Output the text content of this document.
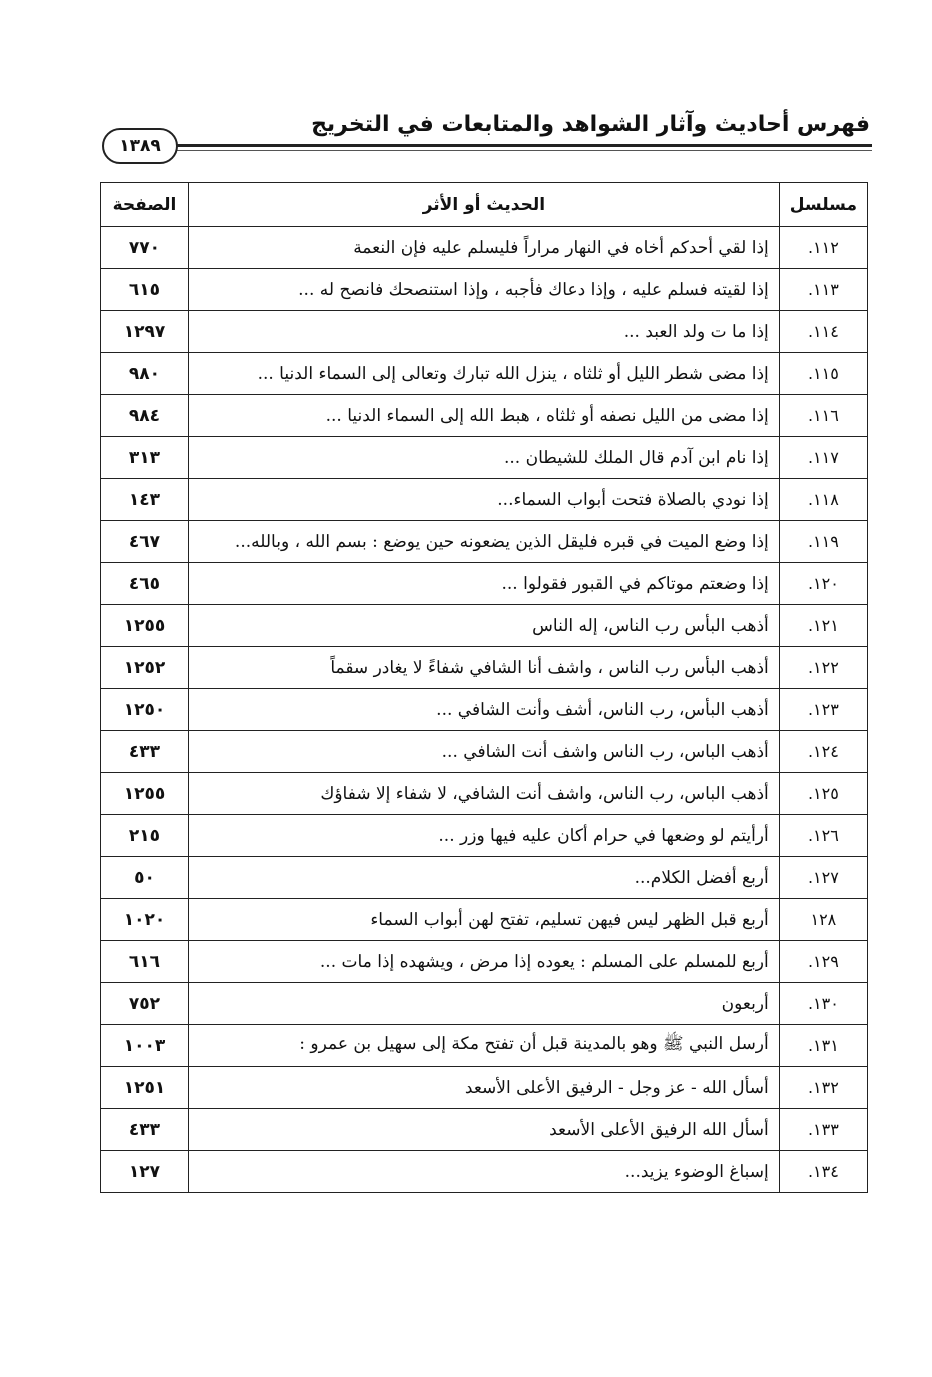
فهرس أحاديث وآثار الشواهد والمتابعات في التخريج
١٣٨٩
مسلسل	الحديث أو الأثر	الصفحة
١١٢.	إذا لقي أحدكم أخاه في النهار مراراً فليسلم عليه فإن النعمة	٧٧٠
١١٣.	إذا لقيته فسلم عليه ، وإذا دعاك فأجبه ، وإذا استنصحك فانصح له ...	٦١٥
١١٤.	إذا ما ت ولد العبد ...	١٢٩٧
١١٥.	إذا مضى شطر الليل أو ثلثاه ، ينزل الله تبارك وتعالى إلى السماء الدنيا ...	٩٨٠
١١٦.	إذا مضى من الليل نصفه أو ثلثاه ، هبط الله إلى السماء الدنيا ...	٩٨٤
١١٧.	إذا نام ابن آدم قال الملك للشيطان ...	٣١٣
١١٨.	إذا نودي بالصلاة فتحت أبواب السماء...	١٤٣
١١٩.	إذا وضع الميت في قبره فليقل الذين يضعونه حين يوضع : بسم الله ، وبالله...	٤٦٧
١٢٠.	إذا وضعتم موتاكم في القبور فقولوا ...	٤٦٥
١٢١.	أذهب البأس رب الناس، إله الناس	١٢٥٥
١٢٢.	أذهب البأس رب الناس ، واشف أنا الشافي شفاءً لا يغادر سقماً	١٢٥٢
١٢٣.	أذهب البأس، رب الناس، أشف وأنت الشافي ...	١٢٥٠
١٢٤.	أذهب الباس، رب الناس واشف أنت الشافي ...	٤٣٣
١٢٥.	أذهب الباس، رب الناس، واشف أنت الشافي، لا شفاء إلا شفاؤك	١٢٥٥
١٢٦.	أرأيتم لو وضعها في حرام أكان عليه فيها وزر ...	٢١٥
١٢٧.	أربع أفضل الكلام...	٥٠
١٢٨	أربع قبل الظهر ليس فيهن تسليم، تفتح لهن أبواب السماء	١٠٢٠
١٢٩.	أربع للمسلم على المسلم : يعوده إذا مرض ، ويشهده إذا مات ...	٦١٦
١٣٠.	أربعون	٧٥٢
١٣١.	أرسل النبي ﷺ وهو بالمدينة قبل أن تفتح مكة إلى سهيل بن عمرو :	١٠٠٣
١٣٢.	أسأل الله - عز وجل - الرفيق الأعلى الأسعد	١٢٥١
١٣٣.	أسأل الله الرفيق الأعلى الأسعد	٤٣٣
١٣٤.	إسباغ الوضوء يزيد...	١٢٧
